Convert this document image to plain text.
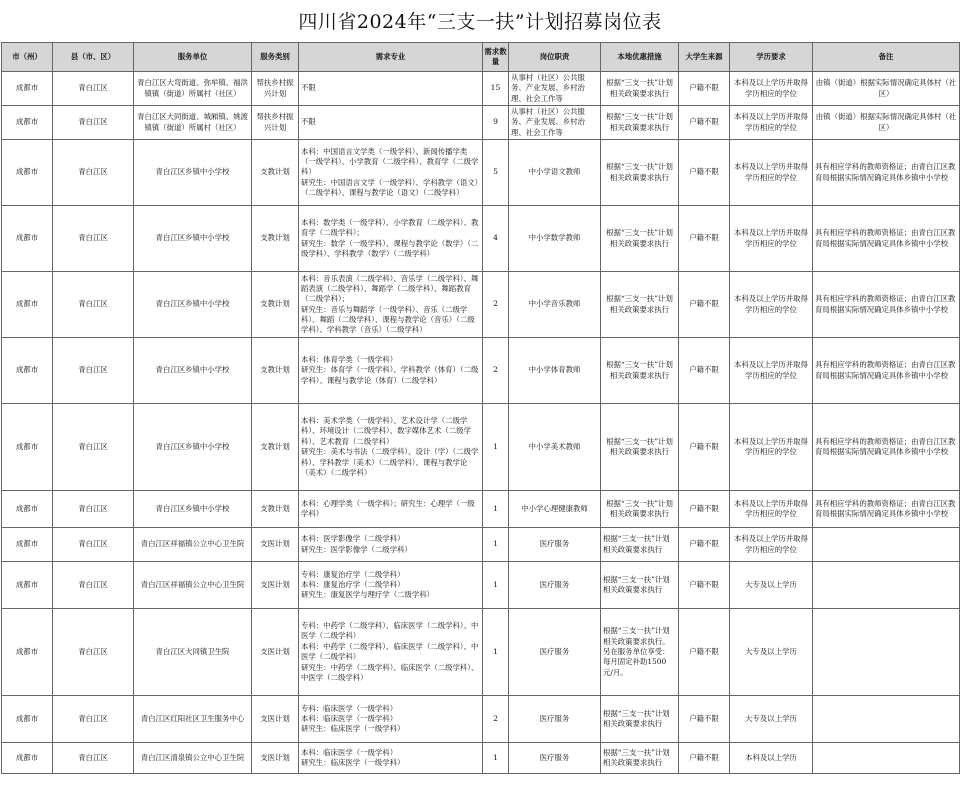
四川省2024年“三支一扶”计划招募岗位表
市（州）	县（市、区）	服务单位	服务类别	需求专业	需求数量	岗位职责	本地优惠措施	大学生来源	学历要求	备注
成都市	青白江区	青白江区大弯街道、弥牟镇、福洪镇镇（街道）所属村（社区）	帮扶乡村振兴计划	不限	15	从事村（社区）公共服务、产业发展、乡村治理、社会工作等	根据“三支一扶”计划相关政策要求执行	户籍不限	本科及以上学历并取得学历相应的学位	由镇（街道）根据实际情况确定具体村（社区）
成都市	青白江区	青白江区大同街道、城厢镇、姚渡镇镇（街道）所属村（社区）	帮扶乡村振兴计划	不限	9	从事村（社区）公共服务、产业发展、乡村治理、社会工作等	根据“三支一扶”计划相关政策要求执行	户籍不限	本科及以上学历并取得学历相应的学位	由镇（街道）根据实际情况确定具体村（社区）
成都市	青白江区	青白江区乡镇中小学校	支教计划	本科：中国语言文学类（一级学科）、新闻传播学类（一级学科）、小学教育（二级学科）、教育学（二级学科）
研究生：中国语言文学（一级学科）、学科教学（语文）（二级学科）、课程与教学论（语文）（二级学科）	5	中小学语文教师	根据“三支一扶”计划相关政策要求执行	户籍不限	本科及以上学历并取得学历相应的学位	具有相应学科的教师资格证；由青白江区教育局根据实际情况确定具体乡镇中小学校
成都市	青白江区	青白江区乡镇中小学校	支教计划	本科：数学类（一级学科）、小学教育（二级学科）、教育学（二级学科）；
研究生：数学（一级学科）、课程与教学论（数学）（二级学科）、学科教学（数学）（二级学科）	4	中小学数学教师	根据“三支一扶”计划相关政策要求执行	户籍不限	本科及以上学历并取得学历相应的学位	具有相应学科的教师资格证；由青白江区教育局根据实际情况确定具体乡镇中小学校
成都市	青白江区	青白江区乡镇中小学校	支教计划	本科：音乐表演（二级学科）、音乐学（二级学科）、舞蹈表演（二级学科）、舞蹈学（二级学科）、舞蹈教育（二级学科）；
研究生：音乐与舞蹈学（一级学科）、音乐（二级学科）、舞蹈（二级学科）、课程与教学论（音乐）（二级学科）、学科教学（音乐）（二级学科）	2	中小学音乐教师	根据“三支一扶”计划相关政策要求执行	户籍不限	本科及以上学历并取得学历相应的学位	具有相应学科的教师资格证；由青白江区教育局根据实际情况确定具体乡镇中小学校
成都市	青白江区	青白江区乡镇中小学校	支教计划	本科：体育学类（一级学科）
研究生：体育学（一级学科）、学科教学（体育）（二级学科）、课程与教学论（体育）（二级学科）	2	中小学体育教师	根据“三支一扶”计划相关政策要求执行	户籍不限	本科及以上学历并取得学历相应的学位	具有相应学科的教师资格证；由青白江区教育局根据实际情况确定具体乡镇中小学校
成都市	青白江区	青白江区乡镇中小学校	支教计划	本科：美术学类（一级学科）、艺术设计学（二级学科）、环境设计（二级学科）、数字媒体艺术（二级学科）、艺术教育（二级学科）
研究生：美术与书法（二级学科）、设计（学）（二级学科）、学科教学（美术）（二级学科）、课程与教学论（美术）（二级学科）	1	中小学美术教师	根据“三支一扶”计划相关政策要求执行	户籍不限	本科及以上学历并取得学历相应的学位	具有相应学科的教师资格证；由青白江区教育局根据实际情况确定具体乡镇中小学校
成都市	青白江区	青白江区乡镇中小学校	支教计划	本科：心理学类（一级学科）；研究生：心理学（一级学科）	1	中小学心理健康教师	根据“三支一扶”计划相关政策要求执行	户籍不限	本科及以上学历并取得学历相应的学位	具有相应学科的教师资格证；由青白江区教育局根据实际情况确定具体乡镇中小学校
成都市	青白江区	青白江区祥福镇公立中心卫生院	支医计划	本科：医学影像学（二级学科）
研究生：医学影像学（二级学科）	1	医疗服务	根据“三支一扶”计划相关政策要求执行	户籍不限	本科及以上学历并取得学历相应的学位	
成都市	青白江区	青白江区祥福镇公立中心卫生院	支医计划	专科：康复治疗学（二级学科）
本科：康复治疗学（二级学科）
研究生：康复医学与理疗学（二级学科）	1	医疗服务	根据“三支一扶”计划相关政策要求执行	户籍不限	大专及以上学历	
成都市	青白江区	青白江区大同镇卫生院	支医计划	专科：中药学（二级学科）、临床医学（二级学科）、中医学（二级学科）
本科：中药学（二级学科）、临床医学（二级学科）、中医学（二级学科）
研究生：中药学（二级学科）、临床医学（二级学科）、中医学（二级学科）	1	医疗服务	根据“三支一扶”计划相关政策要求执行。另在服务单位享受：每月固定补助1500元/月。	户籍不限	大专及以上学历	
成都市	青白江区	青白江区红阳社区卫生服务中心	支医计划	专科：临床医学（一级学科）
本科：临床医学（一级学科）
研究生：临床医学（一级学科）	2	医疗服务	根据“三支一扶”计划相关政策要求执行	户籍不限	大专及以上学历	
成都市	青白江区	青白江区清泉镇公立中心卫生院	支医计划	本科：临床医学（一级学科）
研究生：临床医学（一级学科）	1	医疗服务	根据“三支一扶”计划相关政策要求执行	户籍不限	本科及以上学历	
